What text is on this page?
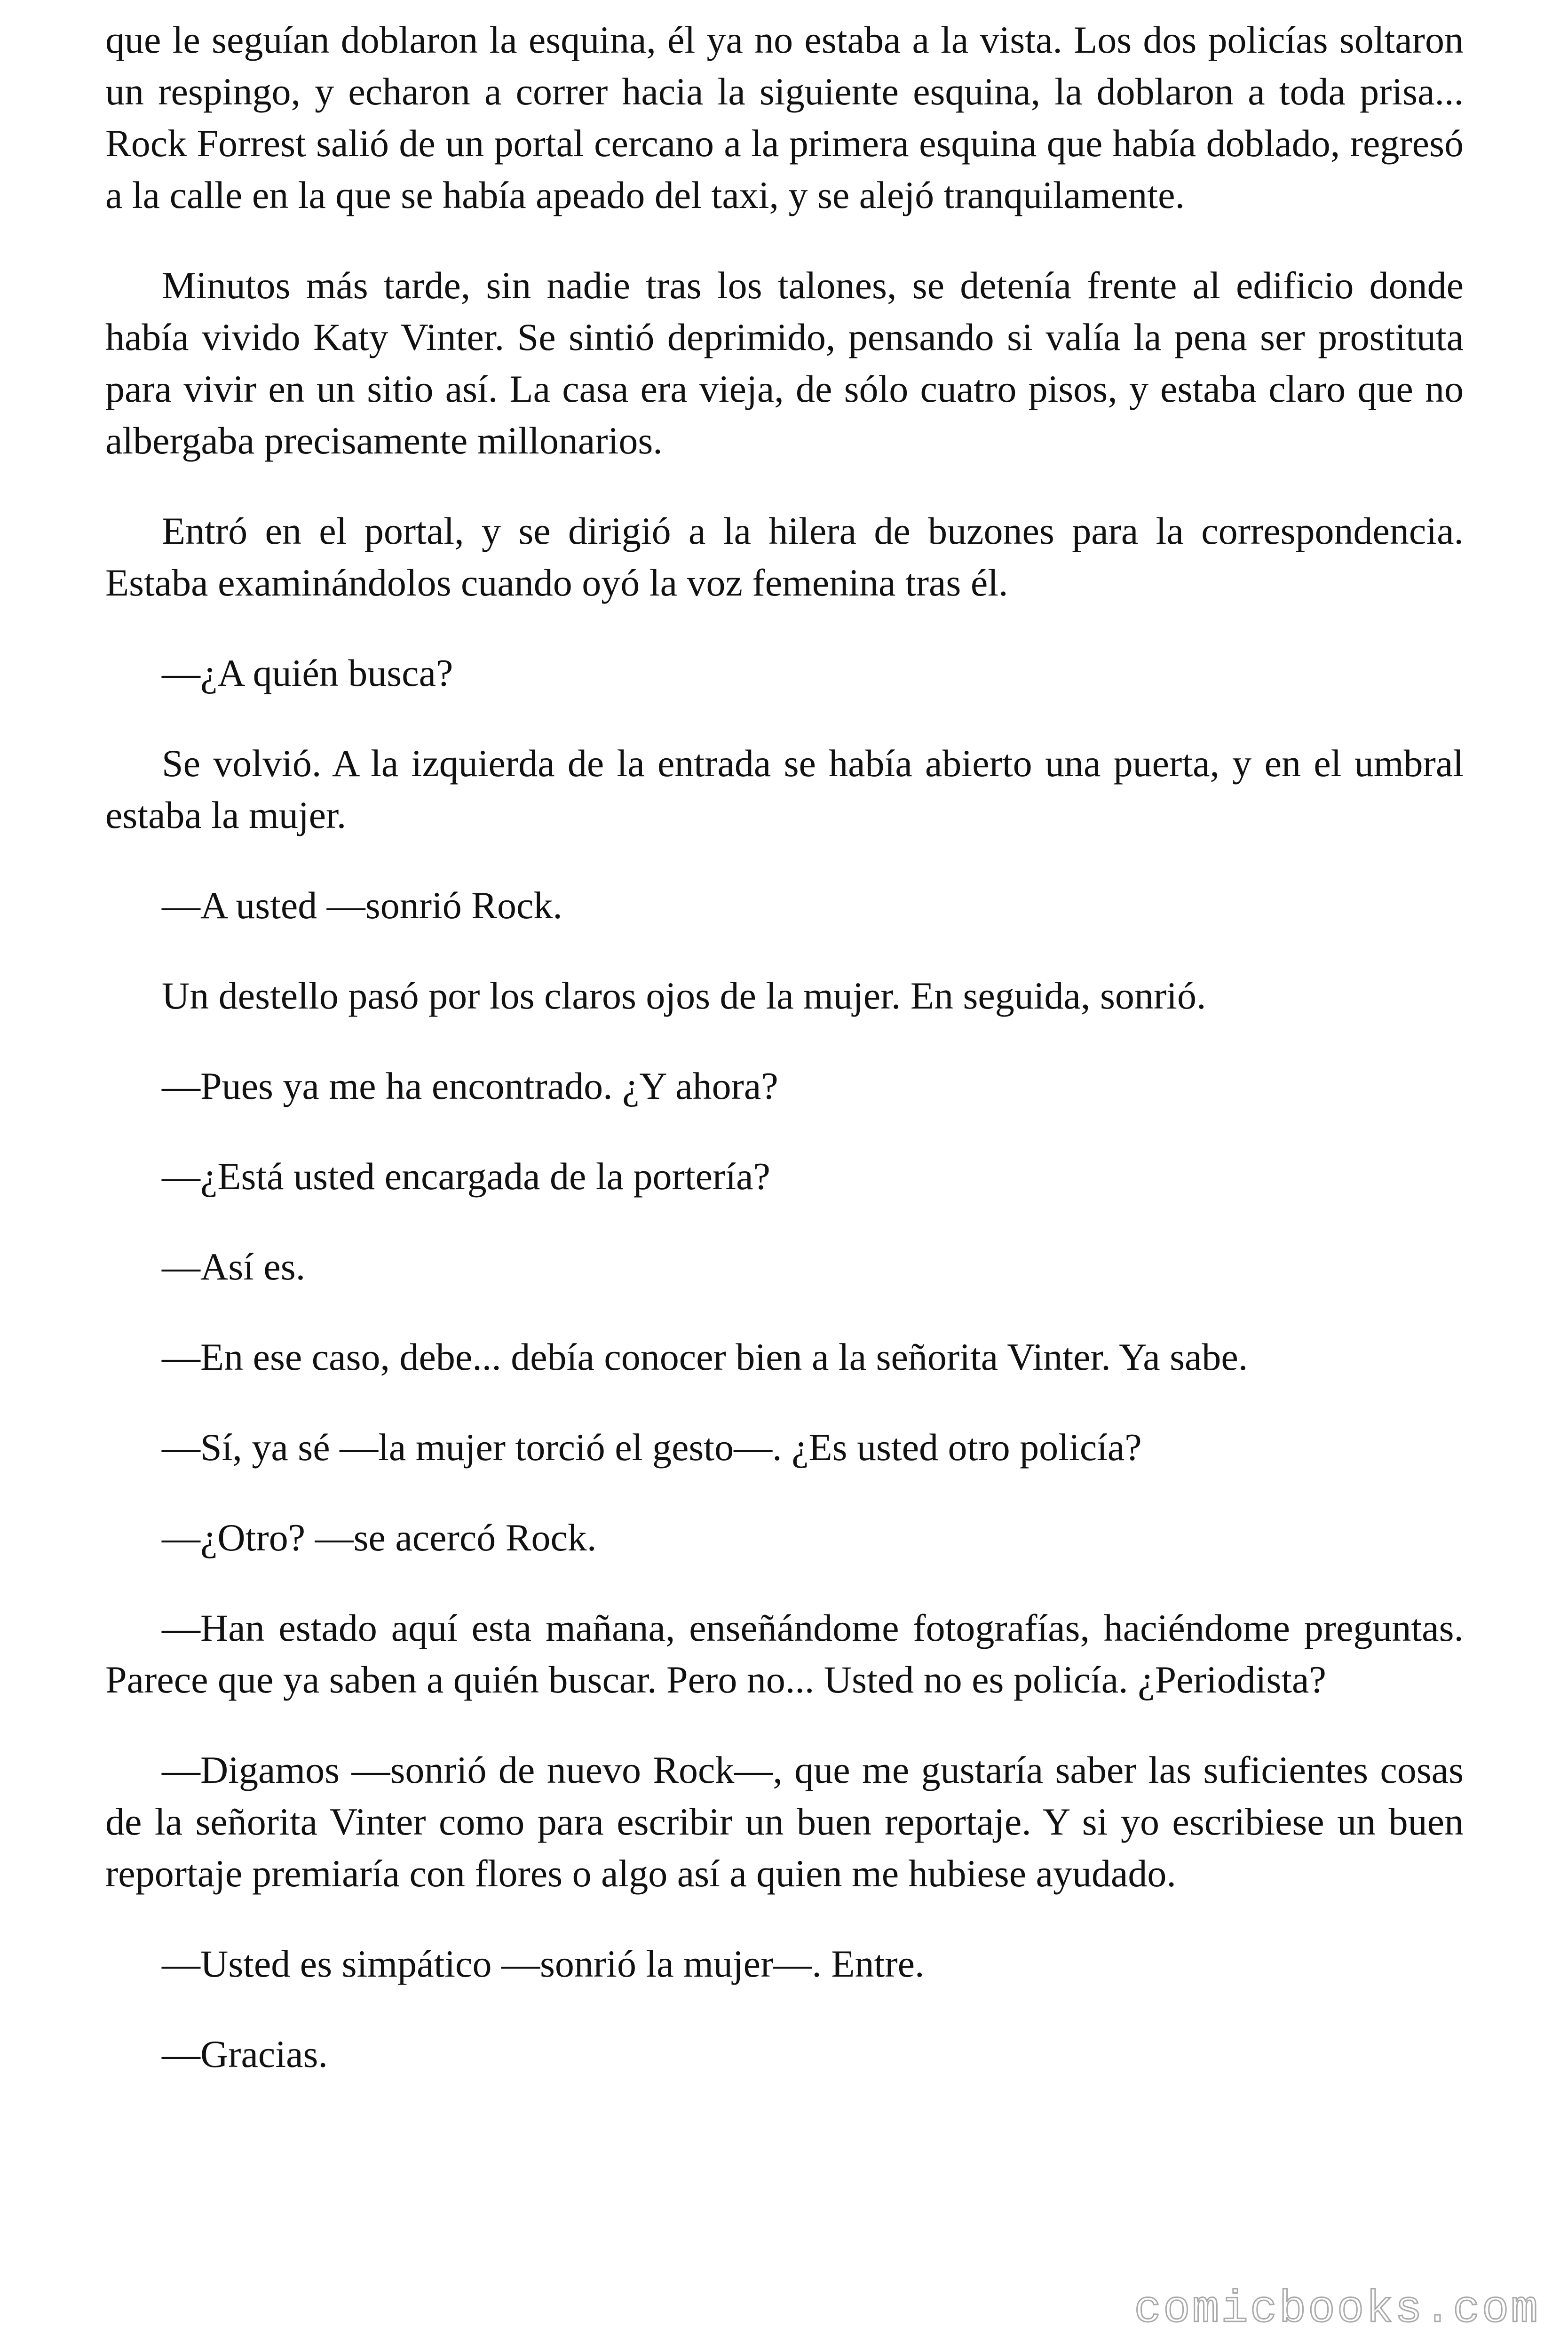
que le seguían doblaron la esquina, él ya no estaba a la vista. Los dos policías soltaron un respingo, y echaron a correr hacia la siguiente esquina, la doblaron a toda prisa... Rock Forrest salió de un portal cercano a la primera esquina que había doblado, regresó a la calle en la que se había apeado del taxi, y se alejó tranquilamente.

Minutos más tarde, sin nadie tras los talones, se detenía frente al edificio donde había vivido Katy Vinter. Se sintió deprimido, pensando si valía la pena ser prostituta para vivir en un sitio así. La casa era vieja, de sólo cuatro pisos, y estaba claro que no albergaba precisamente millonarios.

Entró en el portal, y se dirigió a la hilera de buzones para la correspondencia. Estaba examinándolos cuando oyó la voz femenina tras él.

—¿A quién busca?

Se volvió. A la izquierda de la entrada se había abierto una puerta, y en el umbral estaba la mujer.

—A usted —sonrió Rock.

Un destello pasó por los claros ojos de la mujer. En seguida, sonrió.

—Pues ya me ha encontrado. ¿Y ahora?

—¿Está usted encargada de la portería?

—Así es.

—En ese caso, debe... debía conocer bien a la señorita Vinter. Ya sabe.

—Sí, ya sé —la mujer torció el gesto—. ¿Es usted otro policía?

—¿Otro? —se acercó Rock.

—Han estado aquí esta mañana, enseñándome fotografías, haciéndome preguntas. Parece que ya saben a quién buscar. Pero no... Usted no es policía. ¿Periodista?

—Digamos —sonrió de nuevo Rock—, que me gustaría saber las suficientes cosas de la señorita Vinter como para escribir un buen reportaje. Y si yo escribiese un buen reportaje premiaría con flores o algo así a quien me hubiese ayudado.

—Usted es simpático —sonrió la mujer—. Entre.

—Gracias.

comicbooks.com
